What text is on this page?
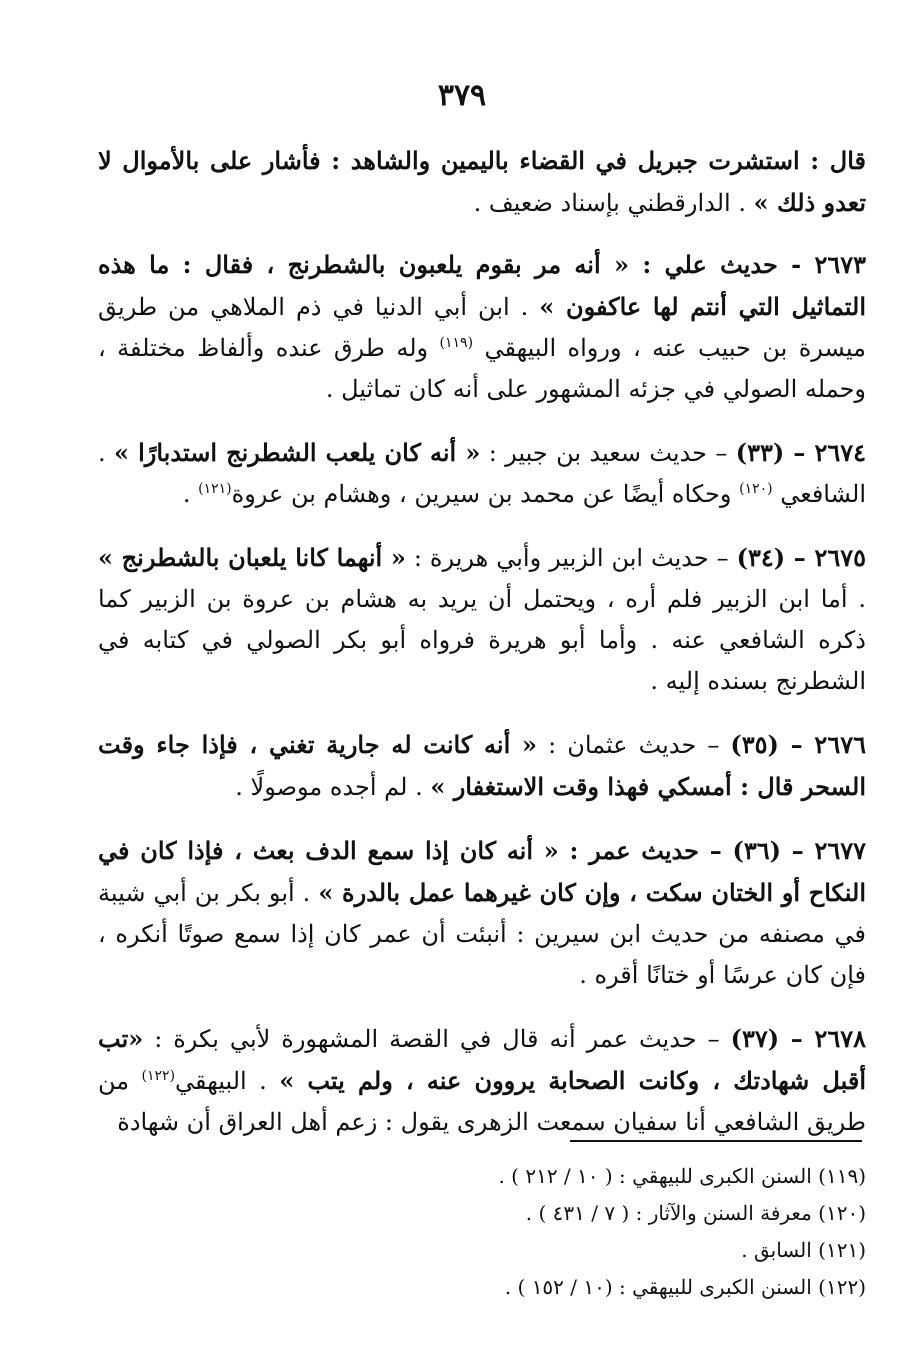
٣٧٩

قال : استشرت جبريل في القضاء باليمين والشاهد : فأشار على بالأموال لا تعدو ذلك » . الدارقطني بإسناد ضعيف .

٢٦٧٣ - حديث علي : « أنه مر بقوم يلعبون بالشطرنج ، فقال : ما هذه التماثيل التي أنتم لها عاكفون » . ابن أبي الدنيا في ذم الملاهي من طريق ميسرة بن حبيب عنه ، ورواه البيهقي $^{(١١٩)}$ وله طرق عنده وألفاظ مختلفة ، وحمله الصولي في جزئه المشهور على أنه كان تماثيل .

٢٦٧٤ – (٣٣) – حديث سعيد بن جبير : « أنه كان يلعب الشطرنج استدبارًا » . الشافعي $^{(١٢٠)}$ وحكاه أيضًا عن محمد بن سيرين ، وهشام بن عروة$^{(١٢١)}$ .

٢٦٧٥ – (٣٤) – حديث ابن الزبير وأبي هريرة : « أنهما كانا يلعبان بالشطرنج » . أما ابن الزبير فلم أره ، ويحتمل أن يريد به هشام بن عروة بن الزبير كما ذكره الشافعي عنه . وأما أبو هريرة فرواه أبو بكر الصولي في كتابه في الشطرنج بسنده إليه .

٢٦٧٦ – (٣٥) – حديث عثمان : « أنه كانت له جارية تغني ، فإذا جاء وقت السحر قال : أمسكي فهذا وقت الاستغفار » . لم أجده موصولًا .

٢٦٧٧ – (٣٦) – حديث عمر : « أنه كان إذا سمع الدف بعث ، فإذا كان في النكاح أو الختان سكت ، وإن كان غيرهما عمل بالدرة » . أبو بكر بن أبي شيبة في مصنفه من حديث ابن سيرين : أنبئت أن عمر كان إذا سمع صوتًا أنكره ، فإن كان عرسًا أو ختانًا أقره .

٢٦٧٨ – (٣٧) – حديث عمر أنه قال في القصة المشهورة لأبي بكرة : «تب أقبل شهادتك ، وكانت الصحابة يروون عنه ، ولم يتب » . البيهقي$^{(١٢٢)}$ من طريق الشافعي أنا سفيان سمعت الزهرى يقول : زعم أهل العراق أن شهادة

(١١٩) السنن الكبرى للبيهقي : ( ١٠ / ٢١٢ ) .
(١٢٠) معرفة السنن والآثار : ( ٧ / ٤٣١ ) .
(١٢١) السابق .
(١٢٢) السنن الكبرى للبيهقي : (١٠ / ١٥٢ ) .
